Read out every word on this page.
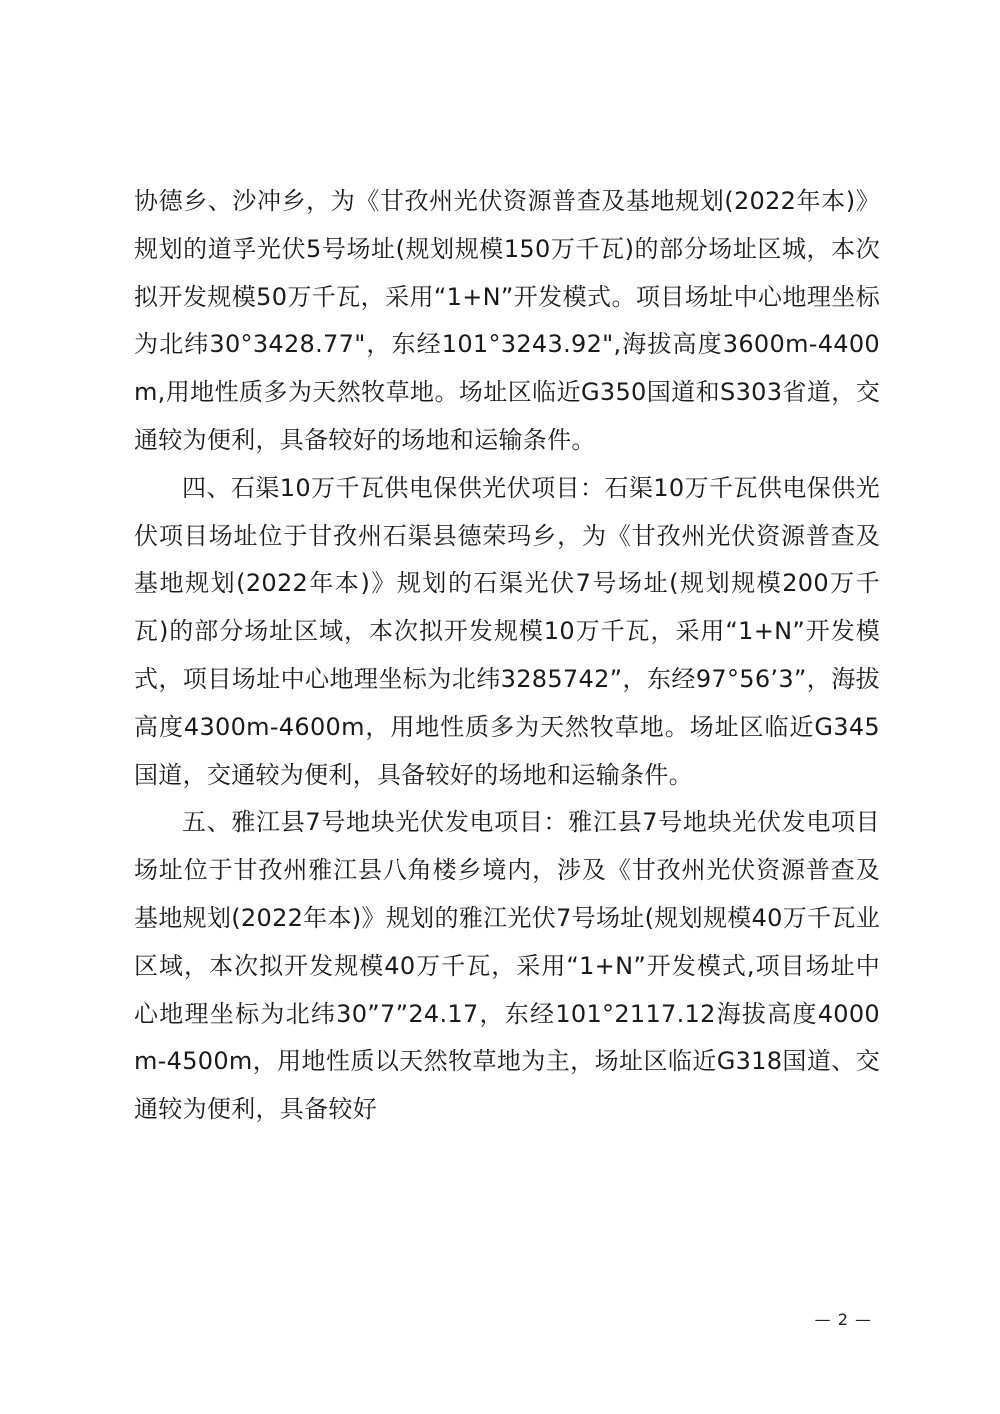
协德乡、沙冲乡，为《甘孜州光伏资源普查及基地规划(2022年本)》规划的道孚光伏5号场址(规划规模150万千瓦)的部分场址区城，本次拟开发规模50万千瓦，采用“1+N”开发模式。项目场址中心地理坐标为北纬30°3428.77"，东经101°3243.92",海拔高度3600m-4400m,用地性质多为天然牧草地。场址区临近G350国道和S303省道，交通较为便利，具备较好的场地和运输条件。

四、石渠10万千瓦供电保供光伏项目：石渠10万千瓦供电保供光伏项目场址位于甘孜州石渠县德荣玛乡，为《甘孜州光伏资源普查及基地规划(2022年本)》规划的石渠光伏7号场址(规划规模200万千瓦)的部分场址区域，本次拟开发规模10万千瓦，采用“1+N”开发模式，项目场址中心地理坐标为北纬3285742”，东经97°56’3”，海拔高度4300m-4600m，用地性质多为天然牧草地。场址区临近G345国道，交通较为便利，具备较好的场地和运输条件。

五、雅江县7号地块光伏发电项目：雅江县7号地块光伏发电项目场址位于甘孜州雅江县八角楼乡境内，涉及《甘孜州光伏资源普查及基地规划(2022年本)》规划的雅江光伏7号场址(规划规模40万千瓦业区域，本次拟开发规模40万千瓦，采用“1+N”开发模式,项目场址中心地理坐标为北纬30”7”24.17，东经101°2117.12海拔高度4000m-4500m，用地性质以天然牧草地为主，场址区临近G318国道、交通较为便利，具备较好

— 2 —
